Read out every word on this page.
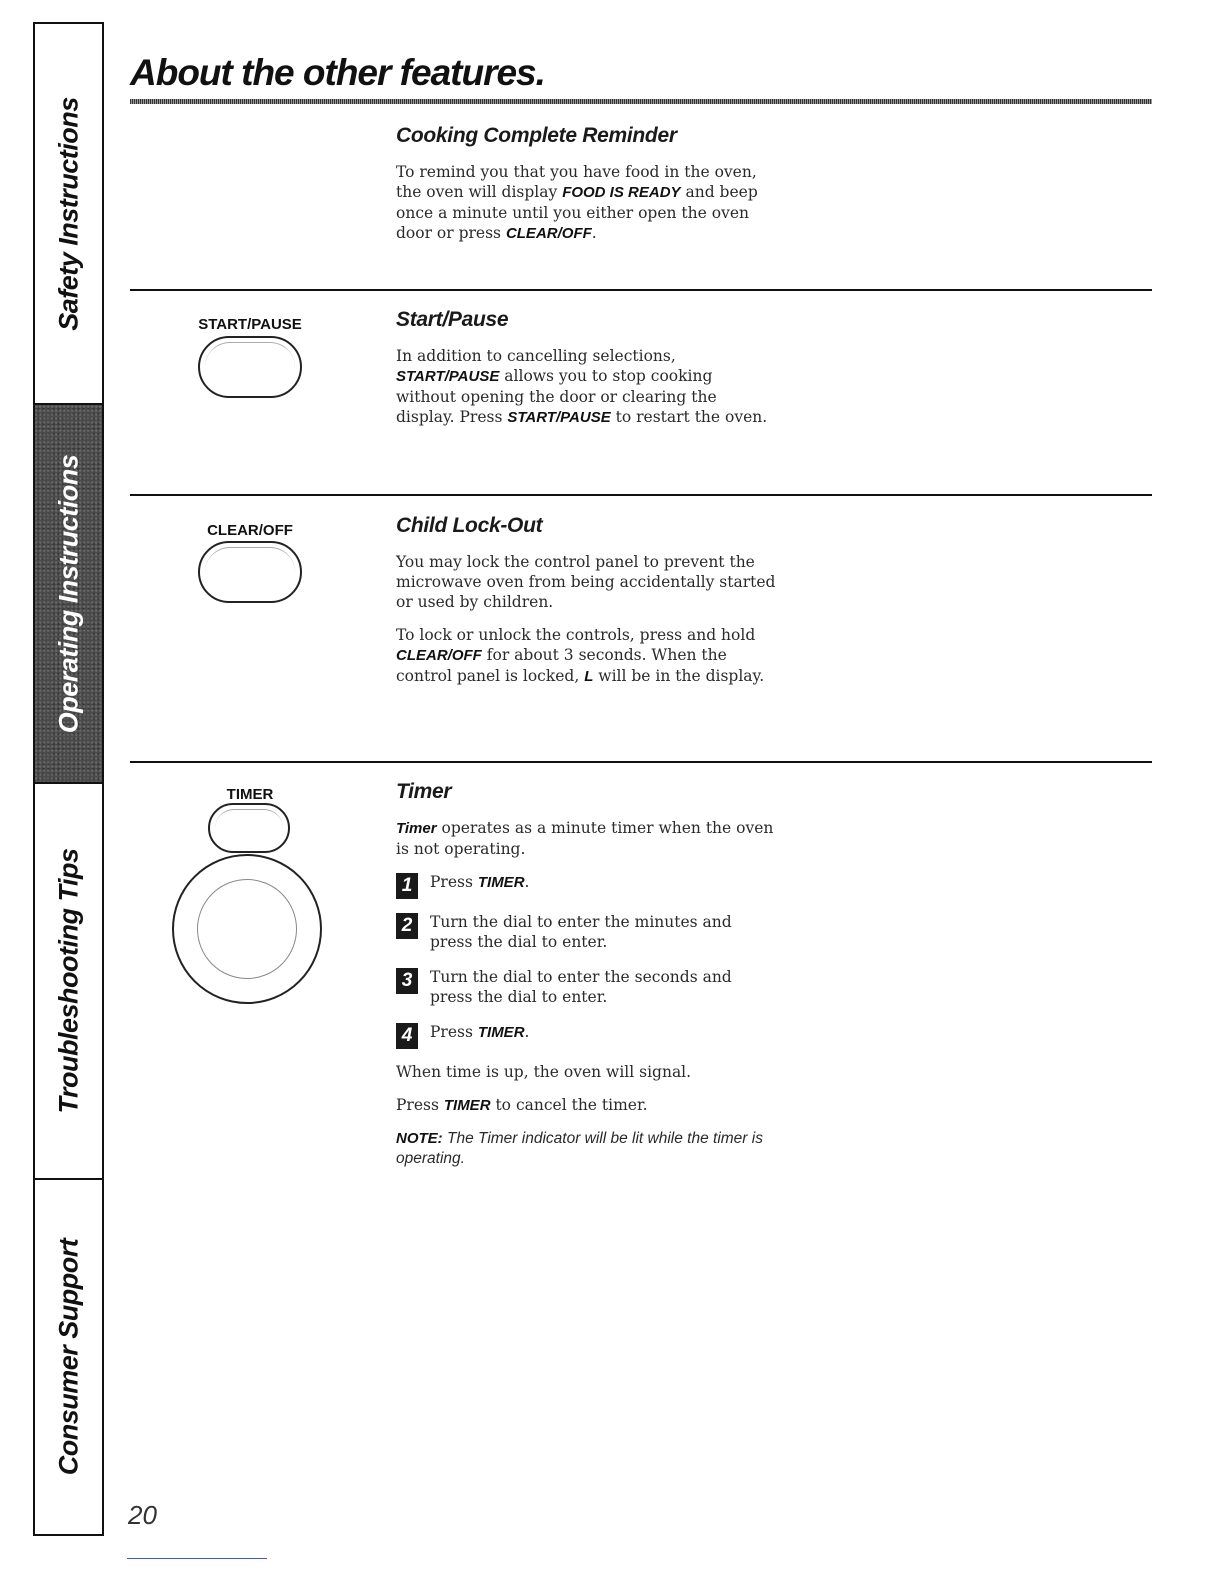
Safety Instructions
Operating Instructions
Troubleshooting Tips
Consumer Support
About the other features.
Cooking Complete Reminder

To remind you that you have food in the oven, the oven will display FOOD IS READY and beep once a minute until you either open the oven door or press CLEAR/OFF.

START/PAUSE	Start/Pause

In addition to cancelling selections, START/PAUSE allows you to stop cooking without opening the door or clearing the display. Press START/PAUSE to restart the oven.

CLEAR/OFF	Child Lock-Out

You may lock the control panel to prevent the microwave oven from being accidentally started or used by children.

To lock or unlock the controls, press and hold CLEAR/OFF for about 3 seconds. When the control panel is locked, L will be in the display.

TIMER	Timer

Timer operates as a minute timer when the oven is not operating.

1	Press TIMER.
2	Turn the dial to enter the minutes and press the dial to enter.
3	Turn the dial to enter the seconds and press the dial to enter.
4	Press TIMER.

When time is up, the oven will signal.

Press TIMER to cancel the timer.

NOTE: The Timer indicator will be lit while the timer is operating.

20
